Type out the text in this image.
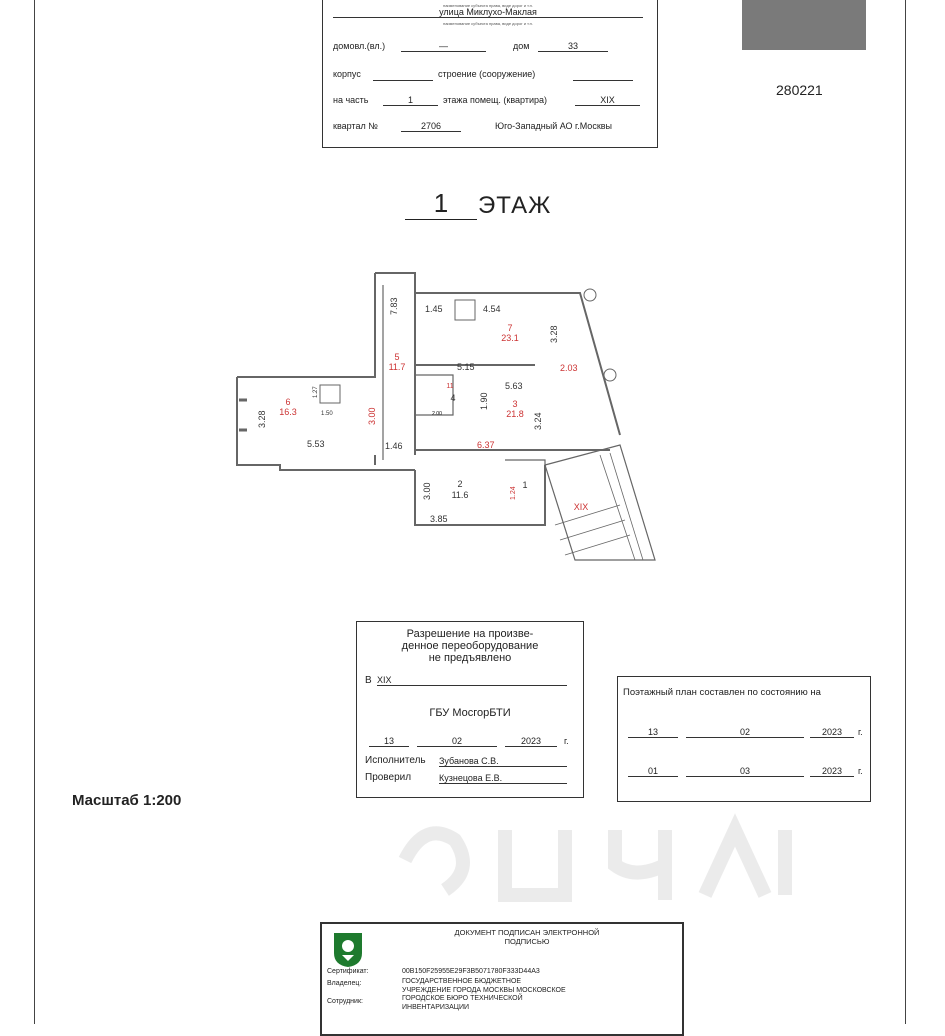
наименование субъекта права, виде дорог и т.п.
улица Миклухо-Маклая
наименование субъекта права, виде дорог и т.п.
домовл.(вл.)	—	дом	33
корпус	строение (сооружение)
на часть	1	этажа помещ. (квартира)	XIX
квартал №	2706	Юго-Западный АО г.Москвы
280221
1	ЭТАЖ
1.45	4.54
7.83
3.28
5.15	2.03
5.63
1.90
3.24
3.28
1.27
1.50	3.00
5.53	1.46	6.37
3.00
3.85
1.24
7
23.1
5
11.7
6
16.3
3
21.8
11
2.00
4
2
11.6
1
XIX
Разрешение на произве-
денное переоборудование
не предъявлено
В XIX
ГБУ МосгорБТИ
13	02	2023	г.
Исполнитель Зубанова С.В.
Проверил	Кузнецова Е.В.
Поэтажный план составлен по состоянию на
13	02	2023	г.
01	03	2023	г.
Масштаб 1:200
ДОКУМЕНТ ПОДПИСАН ЭЛЕКТРОННОЙ
ПОДПИСЬЮ
Сертификат:	00B150F25955E29F3B5071780F333D44A3
Владелец:	ГОСУДАРСТВЕННОЕ БЮДЖЕТНОЕ
УЧРЕЖДЕНИЕ ГОРОДА МОСКВЫ МОСКОВСКОЕ
ГОРОДСКОЕ БЮРО ТЕХНИЧЕСКОЙ
ИНВЕНТАРИЗАЦИИ
Сотрудник:
